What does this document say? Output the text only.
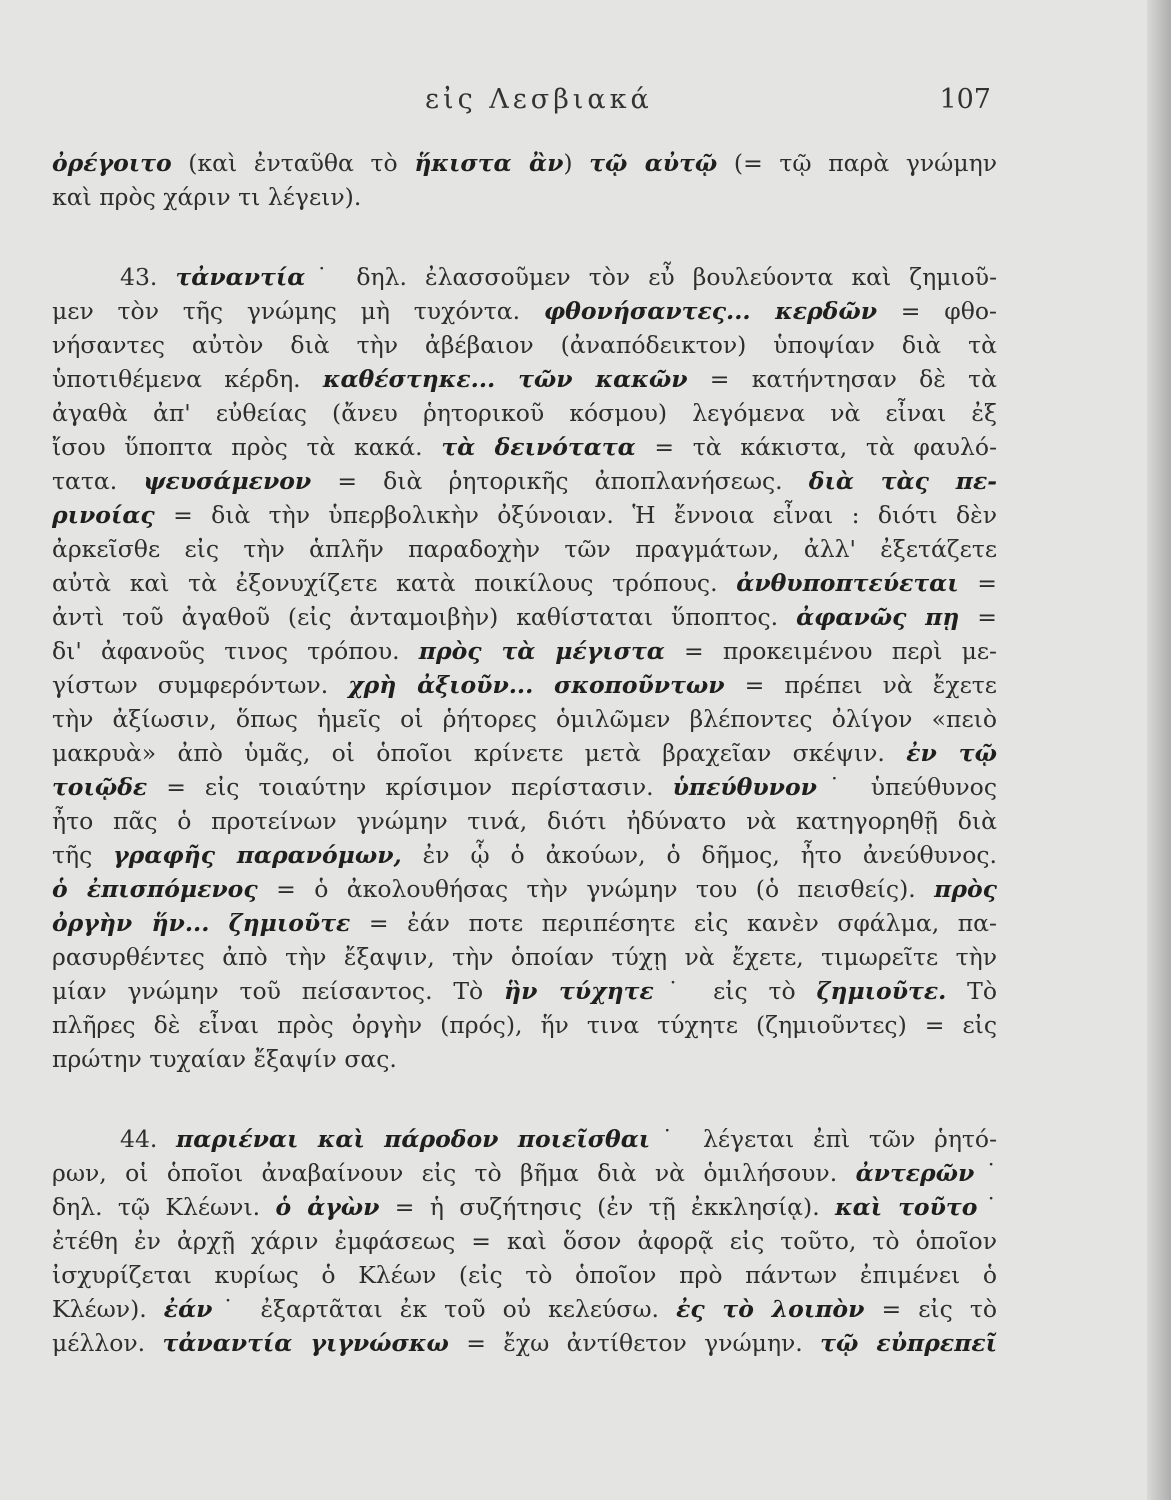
εἰς Λεσβιακά	107
ὀρέγοιτο (καὶ ἐνταῦθα τὸ ἥκιστα ἂν) τῷ αὐτῷ (= τῷ παρὰ γνώμην
καὶ πρὸς χάριν τι λέγειν).
43. τἀναντία˙ δηλ. ἐλασσοῦμεν τὸν εὖ βουλεύοντα καὶ ζημιοῦ-
μεν τὸν τῆς γνώμης μὴ τυχόντα. φθονήσαντες... κερδῶν = φθο-
νήσαντες αὐτὸν διὰ τὴν ἀβέβαιον (ἀναπόδεικτον) ὑποψίαν διὰ τὰ
ὑποτιθέμενα κέρδη. καθέστηκε... τῶν κακῶν = κατήντησαν δὲ τὰ
ἀγαθὰ ἀπ' εὐθείας (ἄνευ ῥητορικοῦ κόσμου) λεγόμενα νὰ εἶναι ἐξ
ἴσου ὕποπτα πρὸς τὰ κακά. τὰ δεινότατα = τὰ κάκιστα, τὰ φαυλό-
τατα. ψευσάμενον = διὰ ῥητορικῆς ἀποπλανήσεως. διὰ τὰς πε-
ρινοίας = διὰ τὴν ὑπερβολικὴν ὀξύνοιαν. Ἡ ἔννοια εἶναι : διότι δὲν
ἀρκεῖσθε εἰς τὴν ἁπλῆν παραδοχὴν τῶν πραγμάτων, ἀλλ' ἐξετάζετε
αὐτὰ καὶ τὰ ἐξονυχίζετε κατὰ ποικίλους τρόπους. ἀνθυποπτεύεται =
ἀντὶ τοῦ ἀγαθοῦ (εἰς ἀνταμοιβὴν) καθίσταται ὕποπτος. ἀφανῶς πῃ =
δι' ἀφανοῦς τινος τρόπου. πρὸς τὰ μέγιστα = προκειμένου περὶ με-
γίστων συμφερόντων. χρὴ ἀξιοῦν... σκοποῦντων = πρέπει νὰ ἔχετε
τὴν ἀξίωσιν, ὅπως ἡμεῖς οἱ ῥήτορες ὁμιλῶμεν βλέποντες ὀλίγον «πειὸ
μακρυὰ» ἀπὸ ὑμᾶς, οἱ ὁποῖοι κρίνετε μετὰ βραχεῖαν σκέψιν. ἐν τῷ
τοιῷδε = εἰς τοιαύτην κρίσιμον περίστασιν. ὑπεύθυνον˙ ὑπεύθυνος
ἦτο πᾶς ὁ προτείνων γνώμην τινά, διότι ἠδύνατο νὰ κατηγορηθῇ διὰ
τῆς γραφῆς παρανόμων, ἐν ᾧ ὁ ἀκούων, ὁ δῆμος, ἦτο ἀνεύθυνος.
ὁ ἐπισπόμενος = ὁ ἀκολουθήσας τὴν γνώμην του (ὁ πεισθείς). πρὸς
ὀργὴν ἥν... ζημιοῦτε = ἐάν ποτε περιπέσητε εἰς κανὲν σφάλμα, πα-
ρασυρθέντες ἀπὸ τὴν ἔξαψιν, τὴν ὁποίαν τύχῃ νὰ ἔχετε, τιμωρεῖτε τὴν
μίαν γνώμην τοῦ πείσαντος. Τὸ ἣν τύχητε˙ εἰς τὸ ζημιοῦτε. Τὸ
πλῆρες δὲ εἶναι πρὸς ὀργὴν (πρός), ἥν τινα τύχητε (ζημιοῦντες) = εἰς
πρώτην τυχαίαν ἔξαψίν σας.
44. παριέναι καὶ πάροδον ποιεῖσθαι˙ λέγεται ἐπὶ τῶν ῥητό-
ρων, οἱ ὁποῖοι ἀναβαίνουν εἰς τὸ βῆμα διὰ νὰ ὁμιλήσουν. ἀντερῶν˙
δηλ. τῷ Κλέωνι. ὁ ἀγὼν = ἡ συζήτησις (ἐν τῇ ἐκκλησίᾳ). καὶ τοῦτο˙
ἐτέθη ἐν ἀρχῇ χάριν ἐμφάσεως = καὶ ὅσον ἀφορᾷ εἰς τοῦτο, τὸ ὁποῖον
ἰσχυρίζεται κυρίως ὁ Κλέων (εἰς τὸ ὁποῖον πρὸ πάντων ἐπιμένει ὁ
Κλέων). ἐάν˙ ἐξαρτᾶται ἐκ τοῦ οὐ κελεύσω. ἐς τὸ λοιπὸν = εἰς τὸ
μέλλον. τἀναντία γιγνώσκω = ἔχω ἀντίθετον γνώμην. τῷ εὐπρεπεῖ
